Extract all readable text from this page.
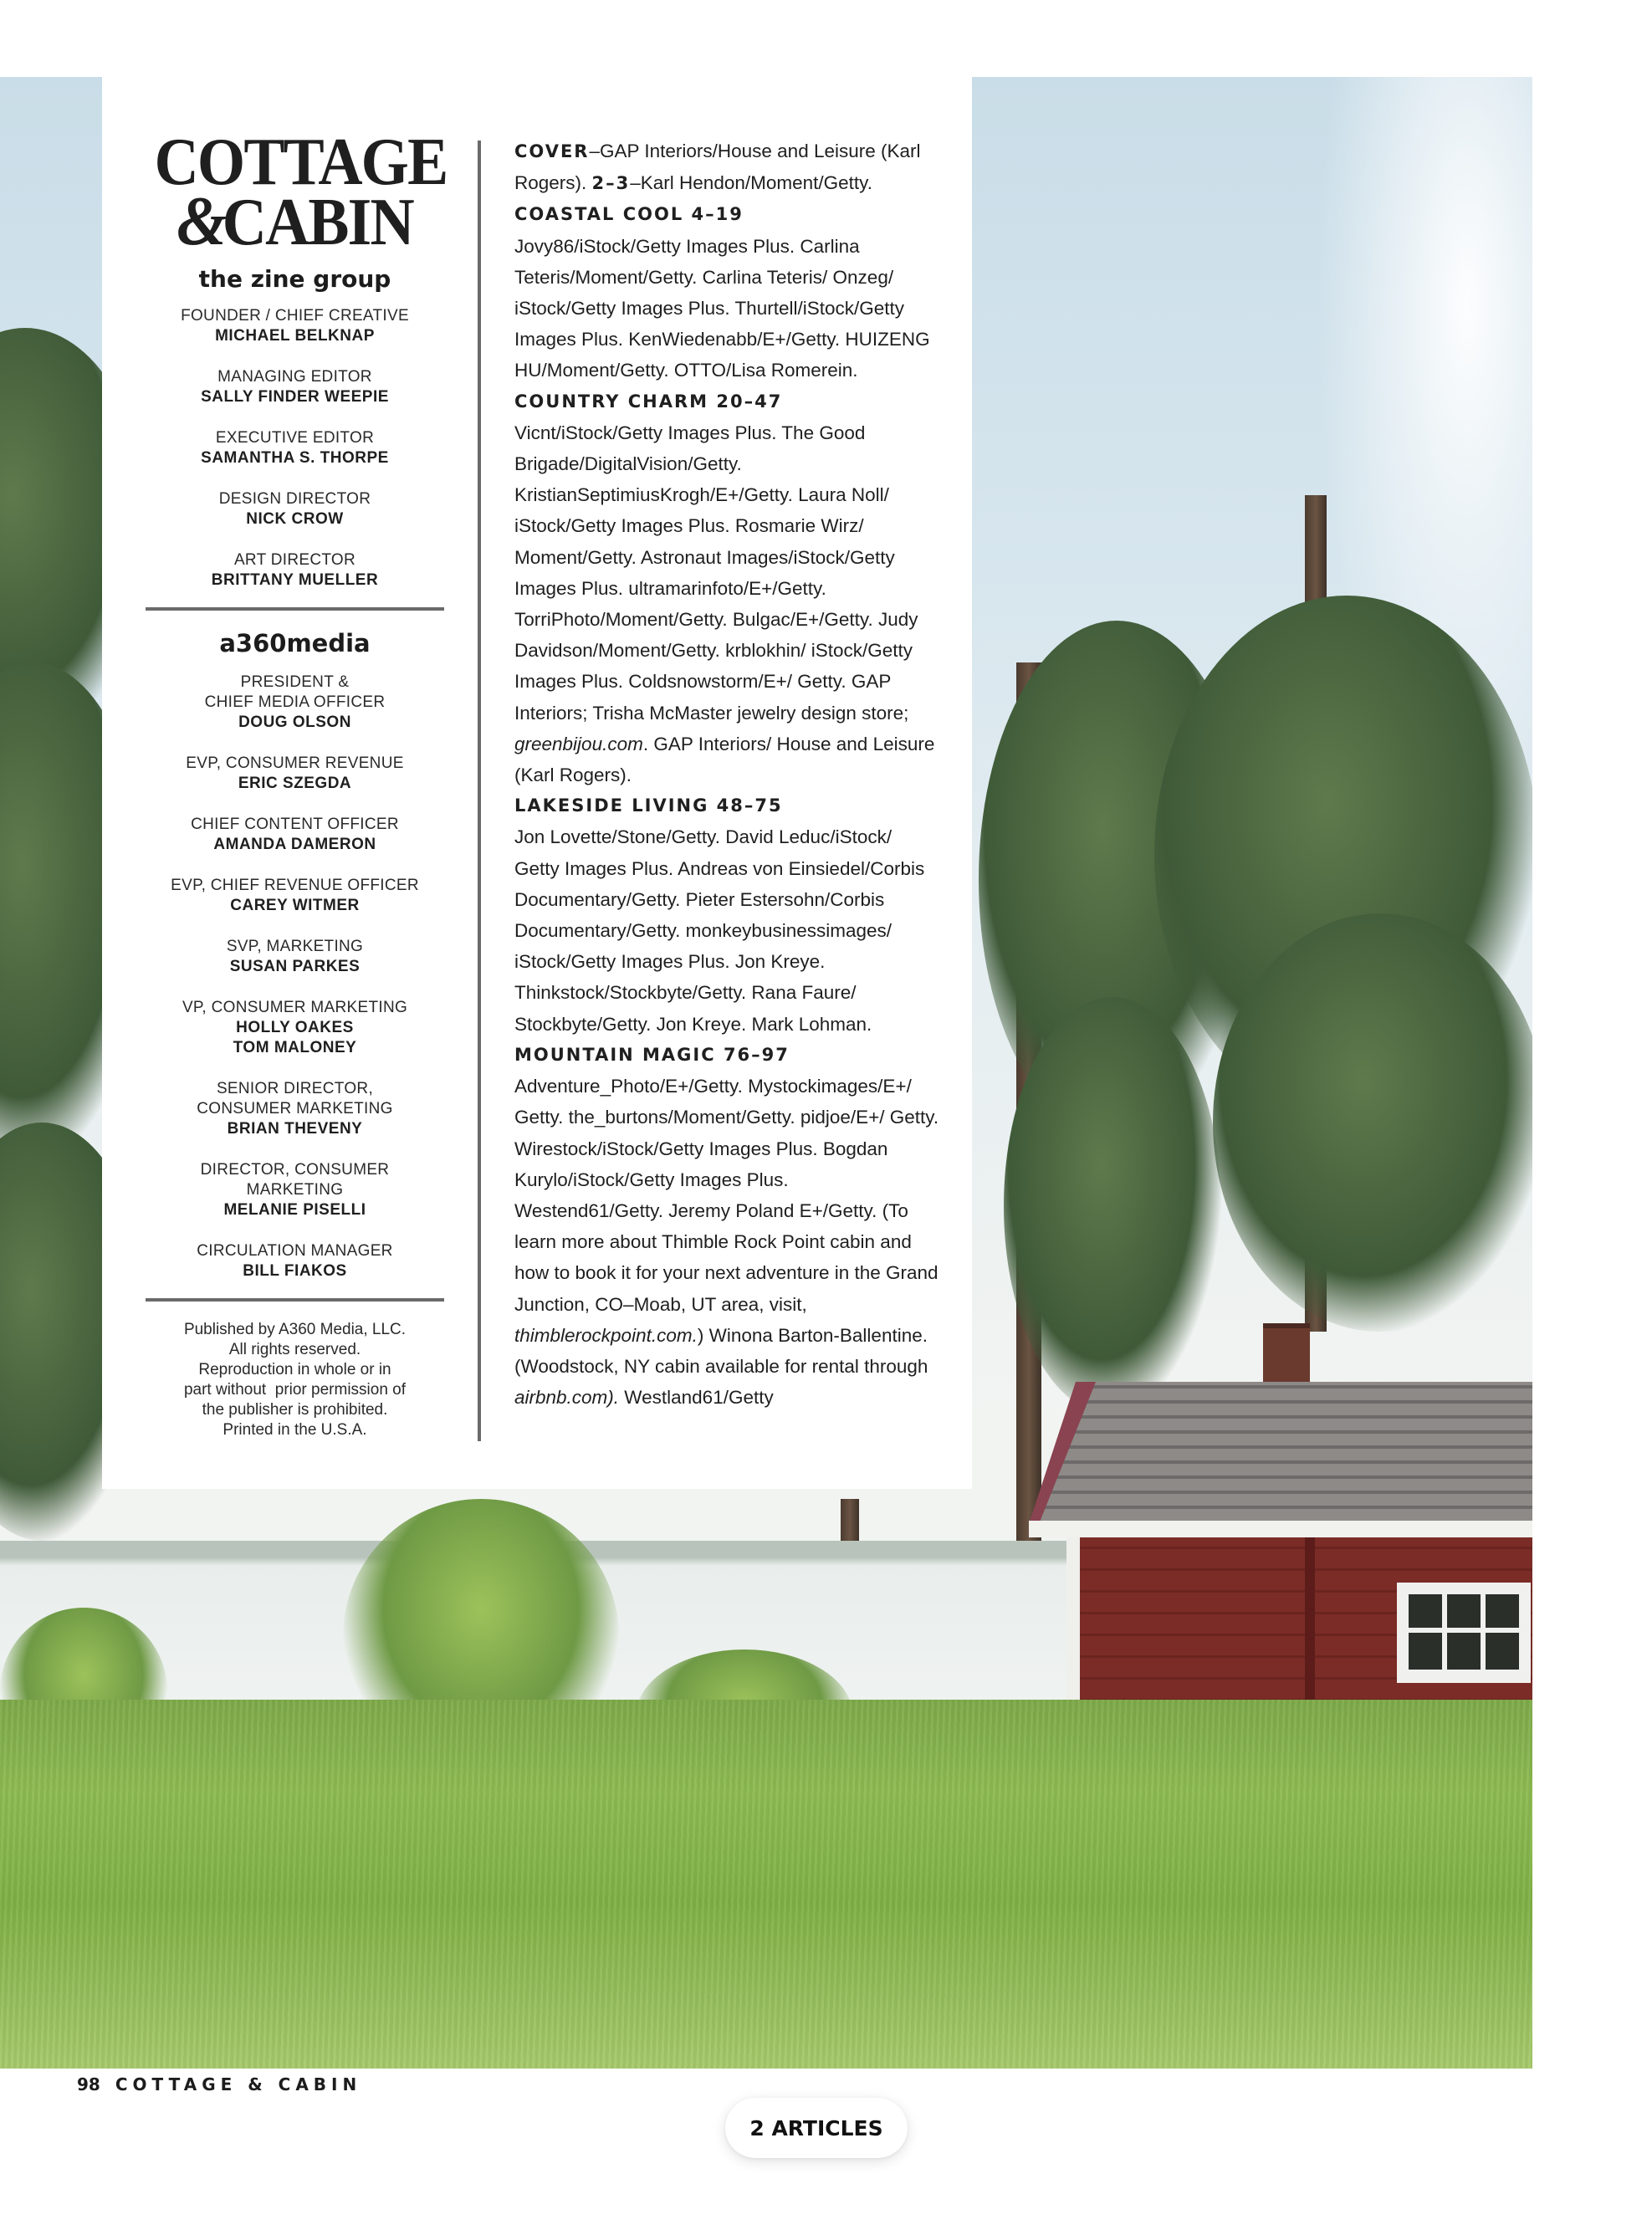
COTTAGE
&CABIN
the zine group
FOUNDER / CHIEF CREATIVE
MICHAEL BELKNAP
MANAGING EDITOR
SALLY FINDER WEEPIE
EXECUTIVE EDITOR
SAMANTHA S. THORPE
DESIGN DIRECTOR
NICK CROW
ART DIRECTOR
BRITTANY MUELLER
a360media
PRESIDENT &
CHIEF MEDIA OFFICER
DOUG OLSON
EVP, CONSUMER REVENUE
ERIC SZEGDA
CHIEF CONTENT OFFICER
AMANDA DAMERON
EVP, CHIEF REVENUE OFFICER
CAREY WITMER
SVP, MARKETING
SUSAN PARKES
VP, CONSUMER MARKETING
HOLLY OAKES
TOM MALONEY
SENIOR DIRECTOR,
CONSUMER MARKETING
BRIAN THEVENY
DIRECTOR, CONSUMER
MARKETING
MELANIE PISELLI
CIRCULATION MANAGER
BILL FIAKOS
Published by A360 Media, LLC.
All rights reserved.
Reproduction in whole or in
part without  prior permission of
the publisher is prohibited.
Printed in the U.S.A.

COVER–GAP Interiors/House and Leisure (Karl Rogers). 2–3–Karl Hendon/Moment/Getty.

COASTAL COOL 4–19

Jovy86/iStock/Getty Images Plus. Carlina Teteris/Moment/Getty. Carlina Teteris/ Onzeg/ iStock/Getty Images Plus. Thurtell/iStock/Getty Images Plus. KenWiedenabb/E+/Getty. HUIZENG HU/Moment/Getty. OTTO/Lisa Romerein.

COUNTRY CHARM 20–47

Vicnt/iStock/Getty Images Plus. The Good Brigade/DigitalVision/Getty. KristianSeptimiusKrogh/E+/Getty. Laura Noll/ iStock/Getty Images Plus. Rosmarie Wirz/ Moment/Getty. Astronaut Images/iStock/Getty Images Plus. ultramarinfoto/E+/Getty. TorriPhoto/Moment/Getty. Bulgac/E+/Getty. Judy Davidson/Moment/Getty. krblokhin/ iStock/Getty Images Plus. Coldsnowstorm/E+/ Getty. GAP Interiors; Trisha McMaster jewelry design store; greenbijou.com. GAP Interiors/ House and Leisure (Karl Rogers).

LAKESIDE LIVING 48–75

Jon Lovette/Stone/Getty. David Leduc/iStock/ Getty Images Plus. Andreas von Einsiedel/Corbis Documentary/Getty. Pieter Estersohn/Corbis Documentary/Getty. monkeybusinessimages/ iStock/Getty Images Plus. Jon Kreye. Thinkstock/Stockbyte/Getty. Rana Faure/ Stockbyte/Getty. Jon Kreye. Mark Lohman.

MOUNTAIN MAGIC 76–97

Adventure_Photo/E+/Getty. Mystockimages/E+/ Getty. the_burtons/Moment/Getty. pidjoe/E+/ Getty. Wirestock/iStock/Getty Images Plus. Bogdan Kurylo/iStock/Getty Images Plus. Westend61/Getty. Jeremy Poland E+/Getty. (To learn more about Thimble Rock Point cabin and how to book it for your next adventure in the Grand Junction, CO–Moab, UT area, visit, thimblerockpoint.com.) Winona Barton-Ballentine. (Woodstock, NY cabin available for rental through airbnb.com). Westland61/Getty

98 COTTAGE & CABIN
2 ARTICLES
